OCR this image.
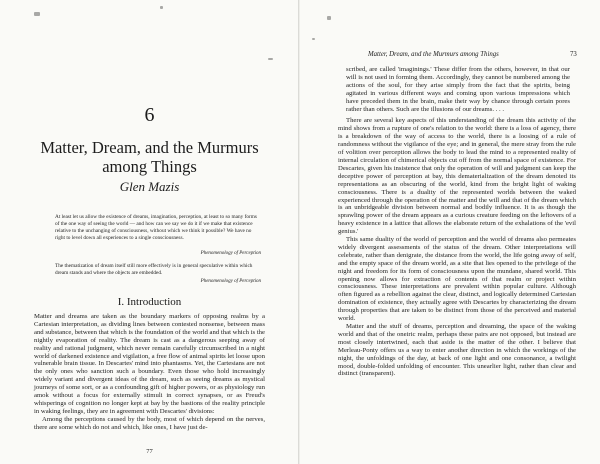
6
Matter, Dream, and the Murmurs among Things
Glen Mazis
At least let us allow the existence of dreams, imagination, perception, at least to so many forms of the one way of seeing the world — and how can we say we do it if we make that existence relative to the unchanging of consciousness, without which we think it possible? We have no right to level down all experiences to a single consciousness.
Phenomenology of Perception
The thematization of dream itself still more effectively is in general speculative within which dream stands and where the objects are embedded.
Phenomenology of Perception
I. Introduction

Matter and dreams are taken as the boundary markers of opposing realms by a Cartesian interpretation, as dividing lines between contested nonsense, between mass and substance, between that which is the foundation of the world and that which is the nightly evaporation of reality. The dream is cast as a dangerous seeping away of reality and rational judgment, which never remain carefully circumscribed in a night world of darkened existence and vigilation, a free flow of animal spirits let loose upon vulnerable brain tissue. In Descartes' mind into phantasms. Yet, the Cartesians are not the only ones who sanction such a boundary. Even those who hold increasingly widely variant and divergent ideas of the dream, such as seeing dreams as mystical journeys of some sort, or as a confounding gift of higher powers, or as physiology run amok without a focus for externally stimuli in correct synapses, or as Freud's whisperings of cognition no longer kept at bay by the bastions of the reality principle in waking feelings, they are in agreement with Descartes' divisions:

Among the perceptions caused by the body, most of which depend on the nerves, there are some which do not and which, like ones, I have just de-

77
Matter, Dream, and the Murmurs among Things	73

scribed, are called 'imaginings.' These differ from the others, however, in that our will is not used in forming them. Accordingly, they cannot be numbered among the actions of the soul, for they arise simply from the fact that the spirits, being agitated in various different ways and coming upon various impressions which have preceded them in the brain, make their way by chance through certain pores rather than others. Such are the illusions of our dreams. . . .

There are several key aspects of this understanding of the dream this activity of the mind shows from a rupture of one's relation to the world: there is a loss of agency, there is a breakdown of the way of access to the world, there is a loosing of a rule of randomness without the vigilance of the eye; and in general, the mere stray from the rule of volition over perception allows the body to lead the mind to a represented reality of internal circulation of chimerical objects cut off from the normal space of existence. For Descartes, given his insistence that only the operation of will and judgment can keep the deceptive power of perception at bay, this dematerialization of the dream denoted its representations as an obscuring of the world, kind from the bright light of waking consciousness. There is a duality of the represented worlds between the waked experienced through the operation of the matter and the will and that of the dream which is an unbridgeable division between normal and bodily influence. It is as though the sprawling power of the dream appears as a curious creature feeding on the leftovers of a heavy existence in a lattice that allows the elaborate return of the exhalations of the 'evil genius.'

This same duality of the world of perception and the world of dreams also permeates widely divergent assessments of the status of the dream. Other interpretations will celebrate, rather than denigrate, the distance from the world, the life going away of self, and the empty space of the dream world, as a site that lies opened to the privilege of the night and freedom for its form of consciousness upon the mundane, shared world. This opening now allows for extraction of contents of that realm or project within consciousness. These interpretations are prevalent within popular culture. Although often figured as a rebellion against the clear, distinct, and logically determined Cartesian domination of existence, they actually agree with Descartes by characterizing the dream through properties that are taken to be distinct from those of the perceived and material world.

Matter and the stuff of dreams, perception and dreaming, the space of the waking world and that of the oneiric realm, perhaps these pairs are not opposed, but instead are most closely intertwined, each that aside is the matter of the other. I believe that Merleau-Ponty offers us a way to enter another direction in which the workings of the night, the unfoldings of the day, at back of one light and one consonance, a twilight mood, double-folded unfolding of encounter. This unearlier light, rather than clear and distinct (transparent).
